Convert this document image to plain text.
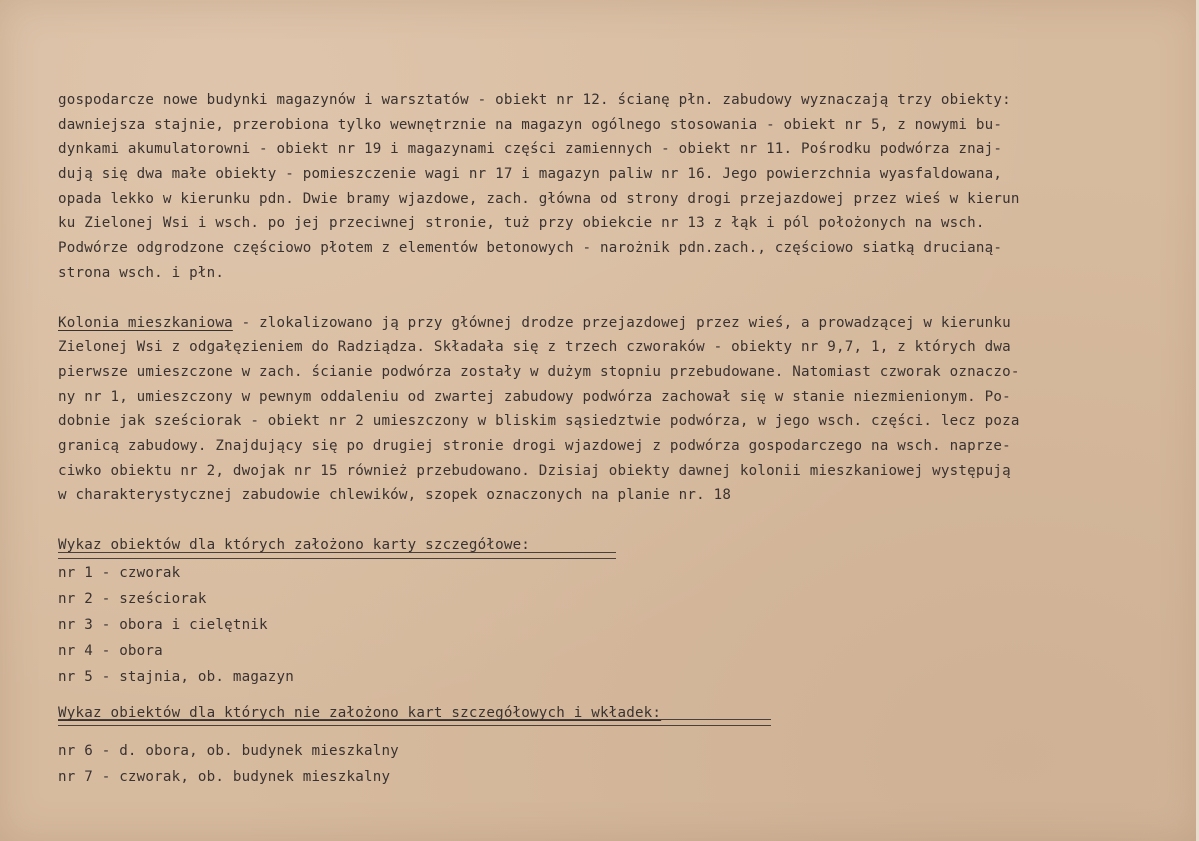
gospodarcze nowe budynki magazynów i warsztatów - obiekt nr 12. ścianę płn. zabudowy wyznaczają trzy obiekty:
dawniejsza stajnie, przerobiona tylko wewnętrznie na magazyn ogólnego stosowania - obiekt nr 5, z nowymi bu-
dynkami akumulatorowni - obiekt nr 19 i magazynami części zamiennych - obiekt nr 11. Pośrodku podwórza znaj-
dują się dwa małe obiekty - pomieszczenie wagi nr 17 i magazyn paliw nr 16. Jego powierzchnia wyasfaldowana,
opada lekko w kierunku pdn. Dwie bramy wjazdowe, zach. główna od strony drogi przejazdowej przez wieś w kierun
ku Zielonej Wsi i wsch. po jej przeciwnej stronie, tuż przy obiekcie nr 13 z łąk i pól położonych na wsch.
Podwórze odgrodzone częściowo płotem z elementów betonowych - narożnik pdn.zach., częściowo siatką drucianą-
strona wsch. i płn.
Kolonia mieszkaniowa - zlokalizowano ją przy głównej drodze przejazdowej przez wieś, a prowadzącej w kierunku
Zielonej Wsi z odgałęzieniem do Radziądza. Składała się z trzech czworaków - obiekty nr 9,7, 1, z których dwa
pierwsze umieszczone w zach. ścianie podwórza zostały w dużym stopniu przebudowane. Natomiast czworak oznaczo-
ny nr 1, umieszczony w pewnym oddaleniu od zwartej zabudowy podwórza zachował się w stanie niezmienionym. Po-
dobnie jak sześciorak - obiekt nr 2 umieszczony w bliskim sąsiedztwie podwórza, w jego wsch. części. lecz poza
granicą zabudowy. Znajdujący się po drugiej stronie drogi wjazdowej z podwórza gospodarczego na wsch. naprze-
ciwko obiektu nr 2, dwojak nr 15 również przebudowano. Dzisiaj obiekty dawnej kolonii mieszkaniowej występują
w charakterystycznej zabudowie chlewików, szopek oznaczonych na planie nr. 18
Wykaz obiektów dla których założono karty szczegółowe:
nr 1 - czworak
nr 2 - sześciorak
nr 3 - obora i cielętnik
nr 4 - obora
nr 5 - stajnia, ob. magazyn
Wykaz obiektów dla których nie założono kart szczegółowych i wkładek:
nr 6 - d. obora, ob. budynek mieszkalny
nr 7 - czworak, ob. budynek mieszkalny
